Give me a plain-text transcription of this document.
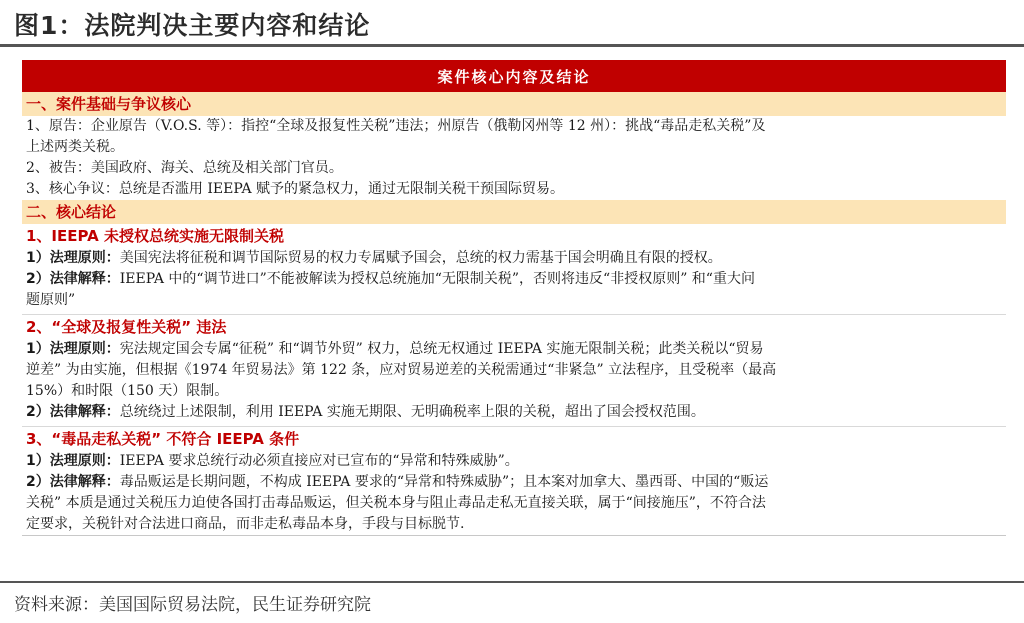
图1：法院判决主要内容和结论
案件核心内容及结论
一、案件基础与争议核心
1、原告：企业原告（V.O.S. 等）：指控“全球及报复性关税”违法；州原告（俄勒冈州等 12 州）：挑战“毒品走私关税”及
上述两类关税。
2、被告：美国政府、海关、总统及相关部门官员。
3、核心争议：总统是否滥用 IEEPA 赋予的紧急权力，通过无限制关税干预国际贸易。
二、核心结论
1、IEEPA 未授权总统实施无限制关税
1）法理原则：美国宪法将征税和调节国际贸易的权力专属赋予国会，总统的权力需基于国会明确且有限的授权。
2）法律解释：IEEPA 中的“调节进口”不能被解读为授权总统施加“无限制关税”，否则将违反“非授权原则” 和“重大问
题原则”
2、“全球及报复性关税” 违法
1）法理原则：宪法规定国会专属“征税” 和“调节外贸” 权力，总统无权通过 IEEPA 实施无限制关税；此类关税以“贸易
逆差” 为由实施，但根据《1974 年贸易法》第 122 条，应对贸易逆差的关税需通过“非紧急” 立法程序，且受税率（最高
15%）和时限（150 天）限制。
2）法律解释：总统绕过上述限制，利用 IEEPA 实施无期限、无明确税率上限的关税，超出了国会授权范围。
3、“毒品走私关税” 不符合 IEEPA 条件
1）法理原则：IEEPA 要求总统行动必须直接应对已宣布的“异常和特殊威胁”。
2）法律解释：毒品贩运是长期问题，不构成 IEEPA 要求的“异常和特殊威胁”；且本案对加拿大、墨西哥、中国的“贩运
关税” 本质是通过关税压力迫使各国打击毒品贩运，但关税本身与阻止毒品走私无直接关联，属于“间接施压”，不符合法
定要求，关税针对合法进口商品，而非走私毒品本身，手段与目标脱节.
资料来源：美国国际贸易法院，民生证券研究院
